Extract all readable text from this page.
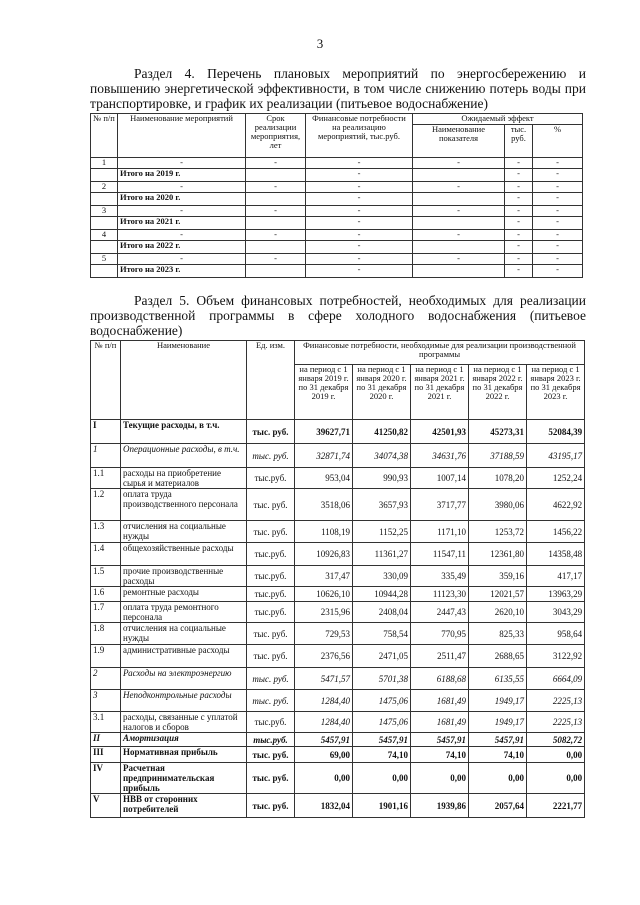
3
Раздел 4. Перечень плановых мероприятий по энергосбережению и повышению энергетической эффективности, в том числе снижению потерь воды при транспортировке, и график их реализации (питьевое водоснабжение)
№ п/п	Наименование мероприятий	Срок реализации мероприятия, лет	Финансовые потребности на реализацию мероприятий, тыс.руб.	Ожидаемый эффект		
				Наименование показателя	тыс. руб.	%
1	-	-	-	-	-	-
	Итого на 2019 г.		-		-	-
2	-	-	-	-	-	-
	Итого на 2020 г.		-		-	-
3	-	-	-	-	-	-
	Итого на 2021 г.		-		-	-
4	-	-	-	-	-	-
	Итого на 2022 г.		-		-	-
5	-	-	-	-	-	-
	Итого на 2023 г.		-		-	-
Раздел 5. Объем финансовых потребностей, необходимых для реализации производственной программы в сфере холодного водоснабжения (питьевое водоснабжение)
№ п/п	Наименование	Ед. изм.	Финансовые потребности, необходимые для реализации производственной программы				
			на период с 1 января 2019 г. по 31 декабря 2019 г.	на период с 1 января 2020 г. по 31 декабря 2020 г.	на период с 1 января 2021 г. по 31 декабря 2021 г.	на период с 1 января 2022 г. по 31 декабря 2022 г.	на период с 1 января 2023 г. по 31 декабря 2023 г.
I	Текущие расходы, в т.ч.	тыс. руб.	39627,71	41250,82	42501,93	45273,31	52084,39
1	Операционные расходы, в т.ч.	тыс. руб.	32871,74	34074,38	34631,76	37188,59	43195,17
1.1	расходы на приобретение сырья и материалов	тыс.руб.	953,04	990,93	1007,14	1078,20	1252,24
1.2	оплата труда производственного персонала	тыс. руб.	3518,06	3657,93	3717,77	3980,06	4622,92
1.3	отчисления на социальные нужды	тыс. руб.	1108,19	1152,25	1171,10	1253,72	1456,22
1.4	общехозяйственные расходы	тыс.руб.	10926,83	11361,27	11547,11	12361,80	14358,48
1.5	прочие производственные расходы	тыс.руб.	317,47	330,09	335,49	359,16	417,17
1.6	ремонтные расходы	тыс.руб.	10626,10	10944,28	11123,30	12021,57	13963,29
1.7	оплата труда ремонтного персонала	тыс.руб.	2315,96	2408,04	2447,43	2620,10	3043,29
1.8	отчисления на социальные нужды	тыс. руб.	729,53	758,54	770,95	825,33	958,64
1.9	административные расходы	тыс. руб.	2376,56	2471,05	2511,47	2688,65	3122,92
2	Расходы на электроэнергию	тыс. руб.	5471,57	5701,38	6188,68	6135,55	6664,09
3	Неподконтрольные расходы	тыс. руб.	1284,40	1475,06	1681,49	1949,17	2225,13
3.1	расходы, связанные с уплатой налогов и сборов	тыс.руб.	1284,40	1475,06	1681,49	1949,17	2225,13
II	Амортизация	тыс.руб.	5457,91	5457,91	5457,91	5457,91	5082,72
III	Нормативная прибыль	тыс. руб.	69,00	74,10	74,10	74,10	0,00
IV	Расчетная предпринимательская прибыль	тыс. руб.	0,00	0,00	0,00	0,00	0,00
V	НВВ от сторонних потребителей	тыс. руб.	1832,04	1901,16	1939,86	2057,64	2221,77
